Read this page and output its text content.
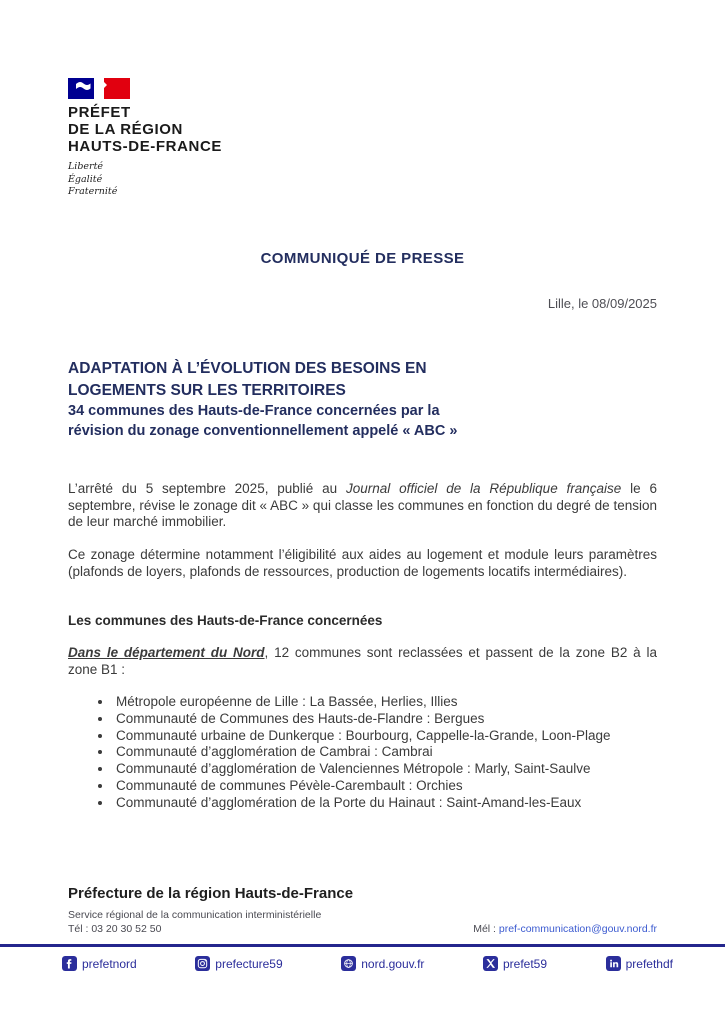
PRÉFET
DE LA RÉGION
HAUTS-DE-FRANCE
Liberté
Égalité
Fraternité
COMMUNIQUÉ DE PRESSE
Lille, le 08/09/2025
ADAPTATION À L’ÉVOLUTION DES BESOINS EN
LOGEMENTS SUR LES TERRITOIRES
34 communes des Hauts-de-France concernées par la
révision du zonage conventionnellement appelé « ABC »

L’arrêté du 5 septembre 2025, publié au Journal officiel de la République française le 6 septembre, révise le zonage dit « ABC » qui classe les communes en fonction du degré de tension de leur marché immobilier.

Ce zonage détermine notamment l’éligibilité aux aides au logement et module leurs paramètres (plafonds de loyers, plafonds de ressources, production de logements locatifs intermédiaires).

Les communes des Hauts-de-France concernées

Dans le département du Nord, 12 communes sont reclassées et passent de la zone B2 à la zone B1 :

Métropole européenne de Lille : La Bassée, Herlies, Illies
Communauté de Communes des Hauts-de-Flandre : Bergues
Communauté urbaine de Dunkerque : Bourbourg, Cappelle-la-Grande, Loon-Plage
Communauté d’agglomération de Cambrai : Cambrai
Communauté d’agglomération de Valenciennes Métropole : Marly, Saint-Saulve
Communauté de communes Pévèle-Carembault : Orchies
Communauté d’agglomération de la Porte du Hainaut : Saint-Amand-les-Eaux
Préfecture de la région Hauts-de-France
Service régional de la communication interministérielle
Tél : 03 20 30 52 50	Mél : pref-communication@gouv.nord.fr
prefetnord	prefecture59	nord.gouv.fr	prefet59	prefethdf
